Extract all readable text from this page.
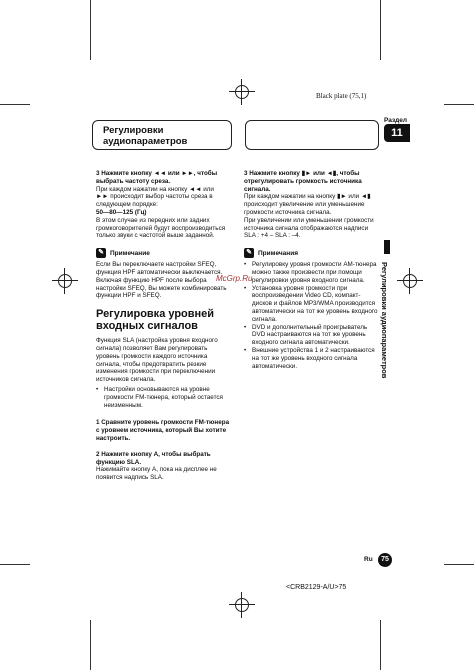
Black plate (75,1)
Раздел
11
Регулировки
аудиопараметров
3 Нажмите кнопку ◄◄ или ►►, чтобы выбрать частоту среза.
При каждом нажатии на кнопку ◄◄ или
►► происходит выбор частоты среза в
следующем порядке:
50—80—125 (Гц)
В этом случае из передних или задних громкоговорителей будут воспроизводиться только звуки с частотой выше заданной.
✎ Примечание
Если Вы переключаете настройки SFEQ, функция HPF автоматически выключается. Включая функцию HPF после выбора настройки SFEQ, Вы можете комбинировать функции HPF и SFEQ.
Регулировка уровней входных сигналов
Функция SLA (настройка уровня входного сигнала) позволяет Вам регулировать уровень громкости каждого источника сигнала, чтобы предотвратить резкие изменения громкости при переключении источников сигнала.
• Настройки основываются на уровне громкости FM-тюнера, который остается неизменным.
1 Сравните уровень громкости FM-тюнера с уровнем источника, который Вы хотите настроить.
2 Нажмите кнопку A, чтобы выбрать функцию SLA.
Нажимайте кнопку A, пока на дисплее не появится надпись SLA.
3 Нажмите кнопку ▮► или ◄▮, чтобы отрегулировать громкость источника сигнала.
При каждом нажатии на кнопку ▮► или ◄▮ происходит увеличение или уменьшение громкости источника сигнала.
При увеличении или уменьшении громкости источника сигнала отображаются надписи SLA : +4 – SLA : –4.
✎ Примечания
• Регулировку уровня громкости AM-тюнера можно также произвести при помощи регулировки уровня входного сигнала.
• Установка уровня громкости при воспроизведении Video CD, компакт-дисков и файлов MP3/WMA производится автоматически на тот же уровень входного сигнала.
• DVD и дополнительный проигрыватель DVD настраиваются на тот же уровень входного сигнала автоматически.
• Внешние устройства 1 и 2 настраиваются на тот же уровень входного сигнала автоматически.
McGrp.Ru	Регулировки аудиопараметров
Ru	75
<CRB2129-A/U>75
